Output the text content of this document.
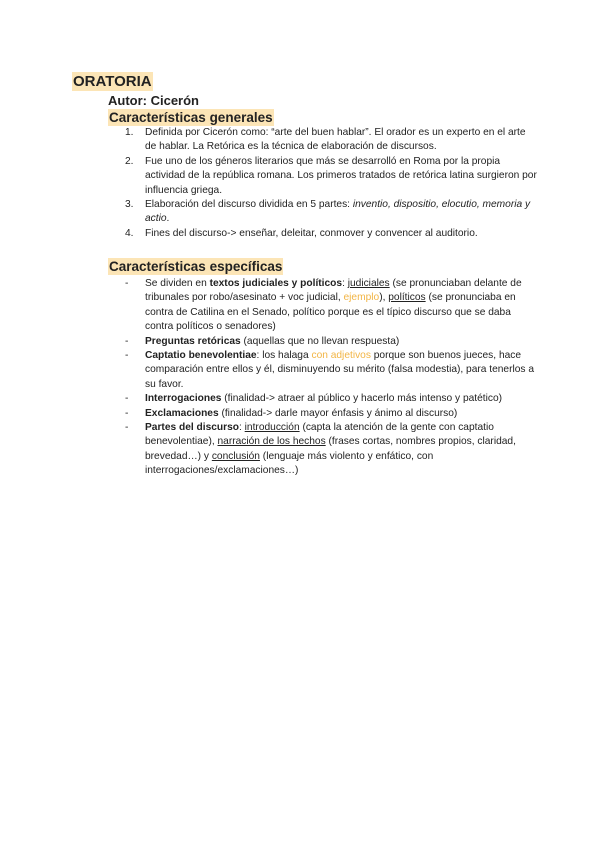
ORATORIA
Autor: Cicerón
Características generales
1. Definida por Cicerón como: “arte del buen hablar”. El orador es un experto en el arte de hablar. La Retórica es la técnica de elaboración de discursos.
2. Fue uno de los géneros literarios que más se desarrolló en Roma por la propia actividad de la república romana. Los primeros tratados de retórica latina surgieron por influencia griega.
3. Elaboración del discurso dividida en 5 partes: inventio, dispositio, elocutio, memoria y actio.
4. Fines del discurso-> enseñar, deleitar, conmover y convencer al auditorio.
Características específicas
- Se dividen en textos judiciales y políticos: judiciales (se pronunciaban delante de tribunales por robo/asesinato + voc judicial, ejemplo), políticos (se pronunciaba en contra de Catilina en el Senado, político porque es el típico discurso que se daba contra políticos o senadores)
- Preguntas retóricas (aquellas que no llevan respuesta)
- Captatio benevolentiae: los halaga con adjetivos porque son buenos jueces, hace comparación entre ellos y él, disminuyendo su mérito (falsa modestia), para tenerlos a su favor.
- Interrogaciones (finalidad-> atraer al público y hacerlo más intenso y patético)
- Exclamaciones (finalidad-> darle mayor énfasis y ánimo al discurso)
- Partes del discurso: introducción (capta la atención de la gente con captatio benevolentiae), narración de los hechos (frases cortas, nombres propios, claridad, brevedad…) y conclusión (lenguaje más violento y enfático, con interrogaciones/exclamaciones…)
